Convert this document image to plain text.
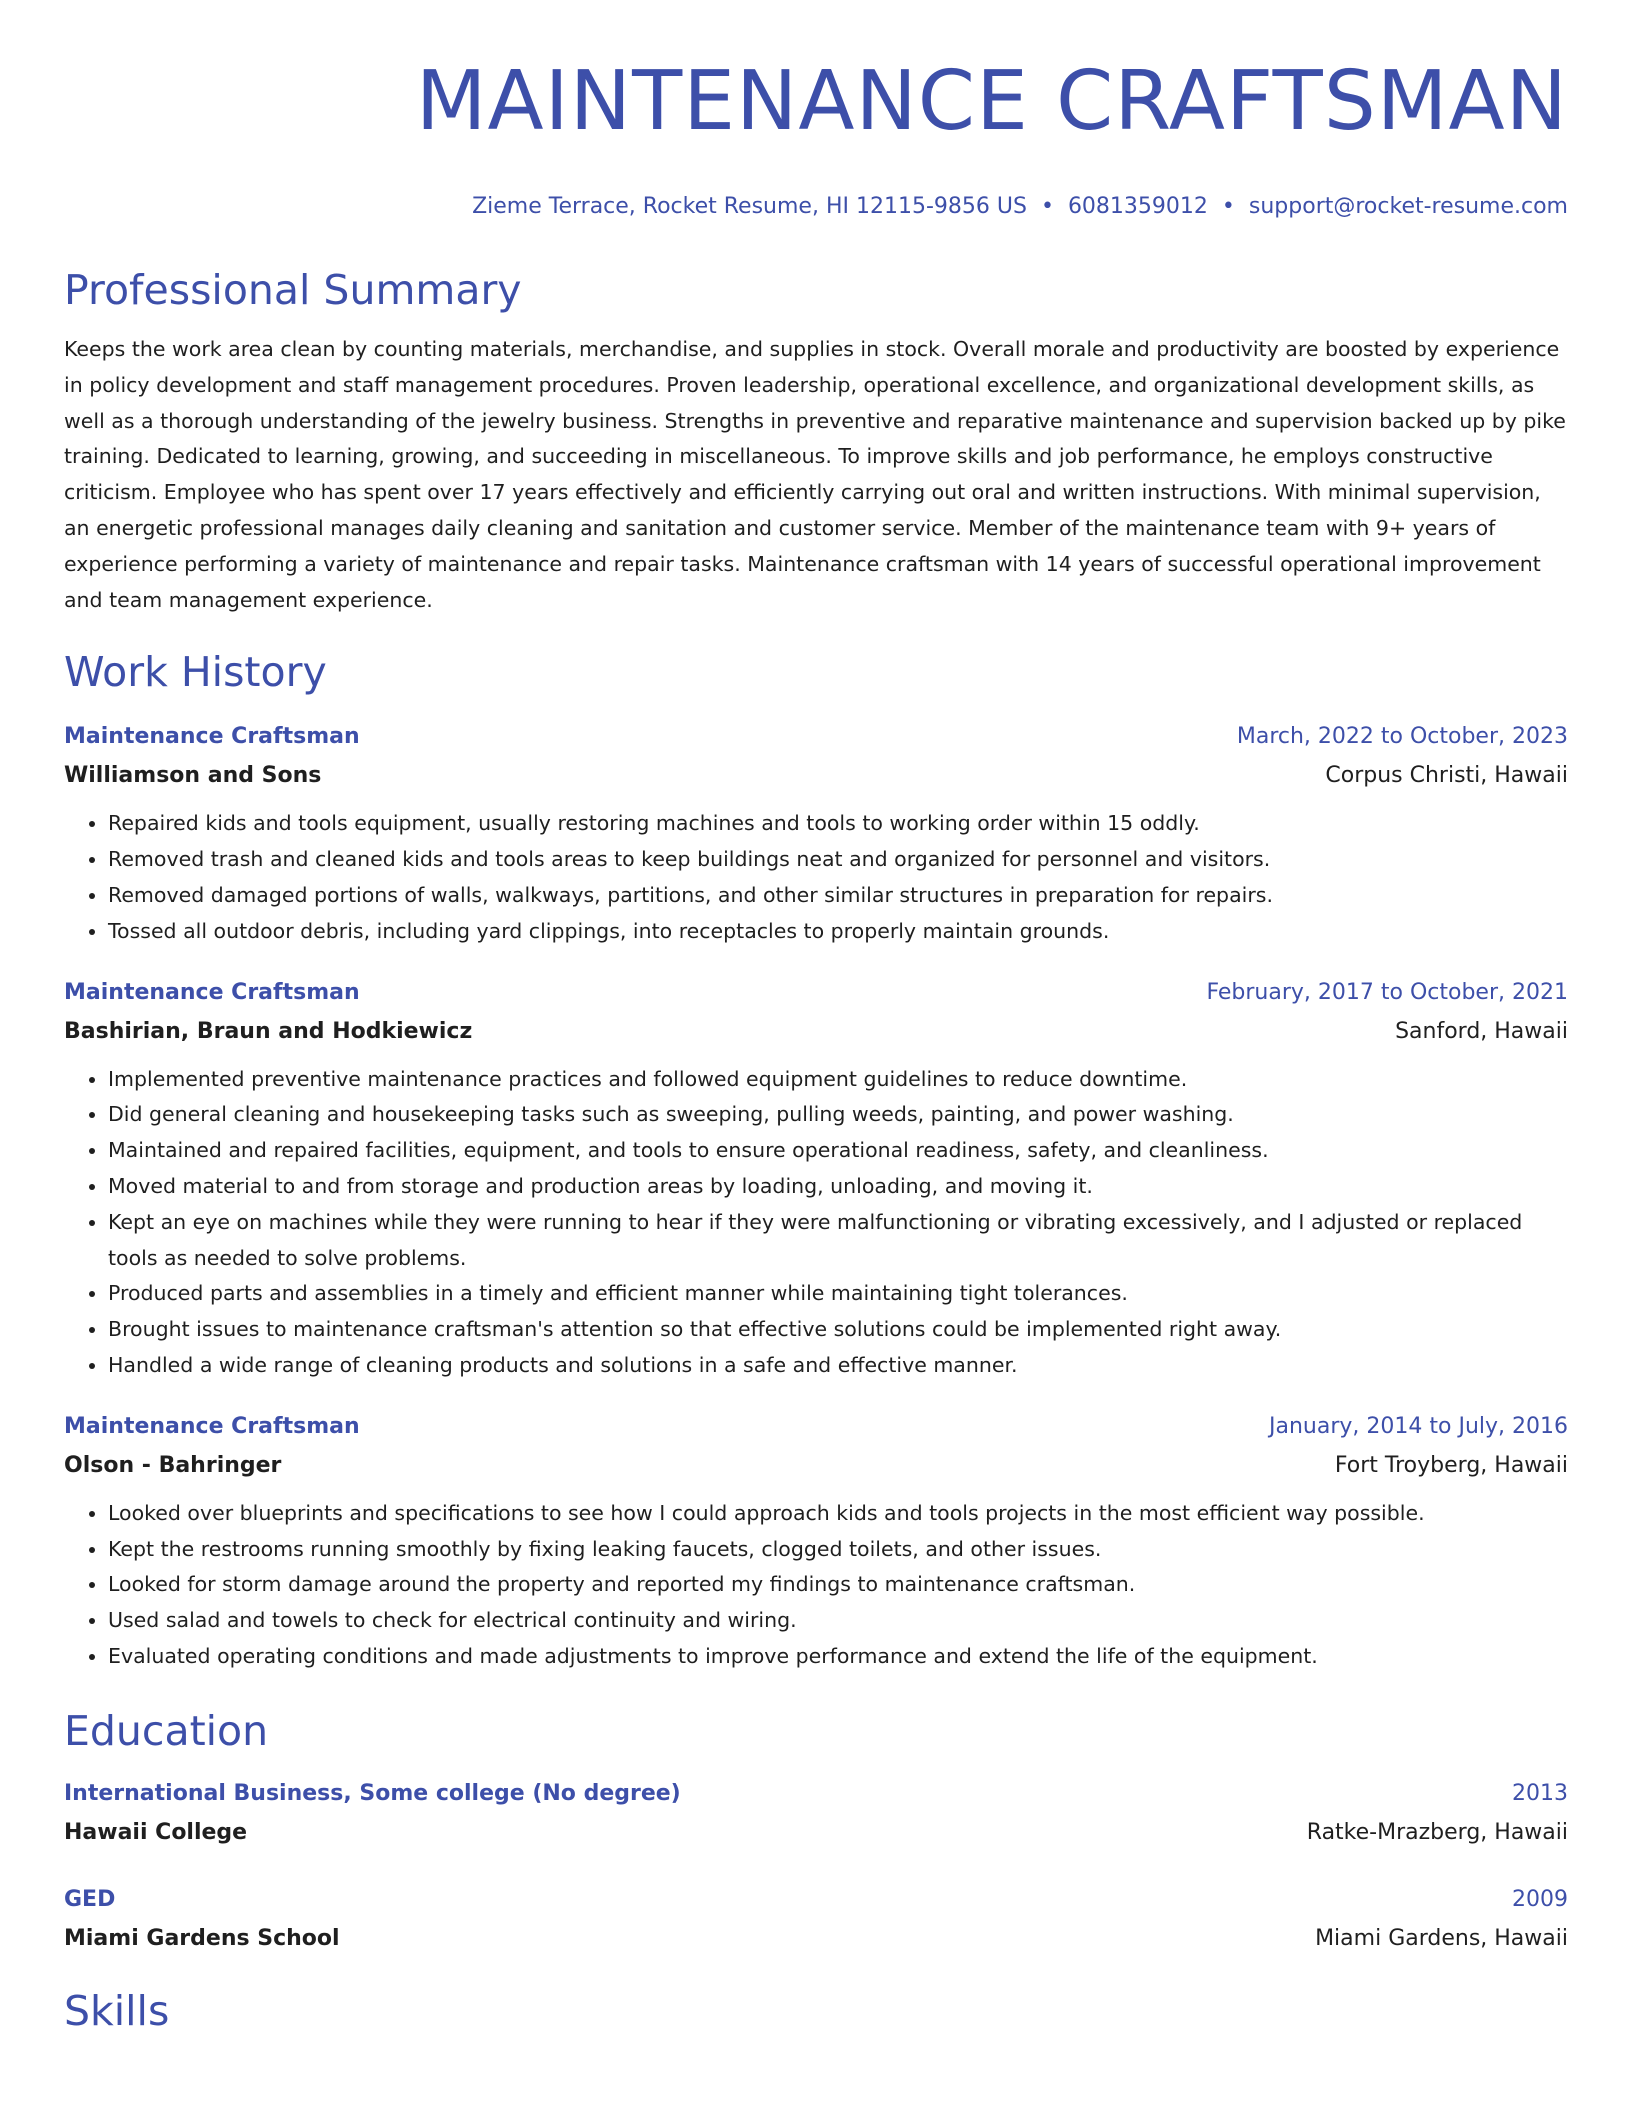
MAINTENANCE CRAFTSMAN
Zieme Terrace, Rocket Resume, HI 12115-9856 US • 6081359012 • support@rocket-resume.com
Professional Summary
Keeps the work area clean by counting materials, merchandise, and supplies in stock. Overall morale and productivity are boosted by experience in policy development and staff management procedures. Proven leadership, operational excellence, and organizational development skills, as well as a thorough understanding of the jewelry business. Strengths in preventive and reparative maintenance and supervision backed up by pike training. Dedicated to learning, growing, and succeeding in miscellaneous. To improve skills and job performance, he employs constructive criticism. Employee who has spent over 17 years effectively and efficiently carrying out oral and written instructions. With minimal supervision, an energetic professional manages daily cleaning and sanitation and customer service. Member of the maintenance team with 9+ years of experience performing a variety of maintenance and repair tasks. Maintenance craftsman with 14 years of successful operational improvement and team management experience.
Work History
Maintenance Craftsman	March, 2022 to October, 2023
Williamson and Sons	Corpus Christi, Hawaii
• Repaired kids and tools equipment, usually restoring machines and tools to working order within 15 oddly.
• Removed trash and cleaned kids and tools areas to keep buildings neat and organized for personnel and visitors.
• Removed damaged portions of walls, walkways, partitions, and other similar structures in preparation for repairs.
• Tossed all outdoor debris, including yard clippings, into receptacles to properly maintain grounds.
Maintenance Craftsman	February, 2017 to October, 2021
Bashirian, Braun and Hodkiewicz	Sanford, Hawaii
• Implemented preventive maintenance practices and followed equipment guidelines to reduce downtime.
• Did general cleaning and housekeeping tasks such as sweeping, pulling weeds, painting, and power washing.
• Maintained and repaired facilities, equipment, and tools to ensure operational readiness, safety, and cleanliness.
• Moved material to and from storage and production areas by loading, unloading, and moving it.
• Kept an eye on machines while they were running to hear if they were malfunctioning or vibrating excessively, and I adjusted or replaced tools as needed to solve problems.
• Produced parts and assemblies in a timely and efficient manner while maintaining tight tolerances.
• Brought issues to maintenance craftsman's attention so that effective solutions could be implemented right away.
• Handled a wide range of cleaning products and solutions in a safe and effective manner.
Maintenance Craftsman	January, 2014 to July, 2016
Olson - Bahringer	Fort Troyberg, Hawaii
• Looked over blueprints and specifications to see how I could approach kids and tools projects in the most efficient way possible.
• Kept the restrooms running smoothly by fixing leaking faucets, clogged toilets, and other issues.
• Looked for storm damage around the property and reported my findings to maintenance craftsman.
• Used salad and towels to check for electrical continuity and wiring.
• Evaluated operating conditions and made adjustments to improve performance and extend the life of the equipment.
Education
International Business, Some college (No degree)	2013
Hawaii College	Ratke-Mrazberg, Hawaii
GED	2009
Miami Gardens School	Miami Gardens, Hawaii
Skills
